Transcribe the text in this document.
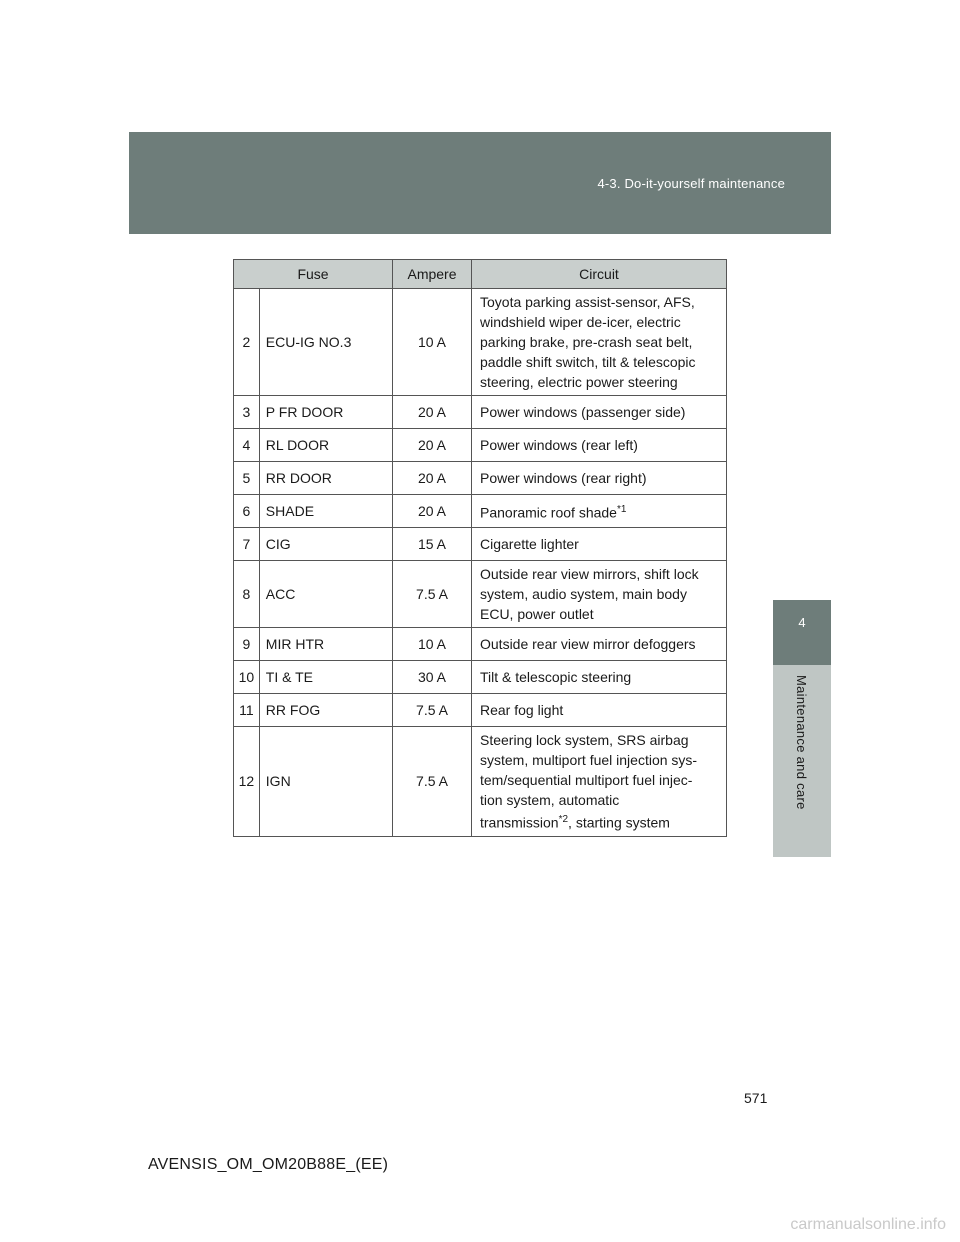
4-3. Do-it-yourself maintenance
4
Maintenance and care
Fuse		Ampere	Circuit
2	ECU-IG NO.3	10 A	Toyota parking assist-sensor, AFS,
windshield wiper de-icer, electric
parking brake, pre-crash seat belt,
paddle shift switch, tilt & telescopic
steering, electric power steering

3	P FR DOOR	20 A	Power windows (passenger side)

4	RL DOOR	20 A	Power windows (rear left)

5	RR DOOR	20 A	Power windows (rear right)

6	SHADE	20 A	Panoramic roof shade$^{*1}$

7	CIG	15 A	Cigarette lighter

8	ACC	7.5 A	Outside rear view mirrors, shift lock
system, audio system, main body
ECU, power outlet

9	MIR HTR	10 A	Outside rear view mirror defoggers

10	TI & TE	30 A	Tilt & telescopic steering

11	RR FOG	7.5 A	Rear fog light

12	IGN	7.5 A	Steering lock system, SRS airbag
system, multiport fuel injection sys-
tem/sequential multiport fuel injec-
tion system, automatic
transmission$^{*2}$, starting system
571
AVENSIS_OM_OM20B88E_(EE)
carmanualsonline.info
